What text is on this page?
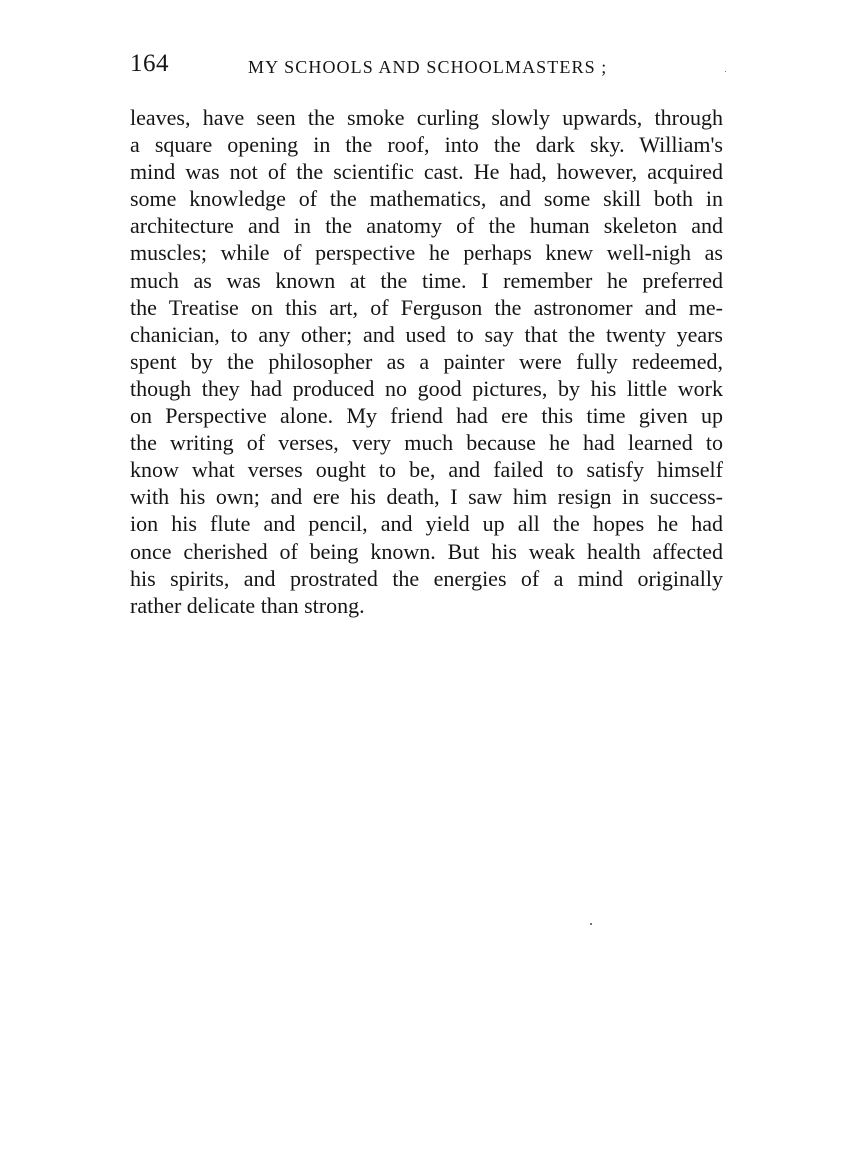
164	MY SCHOOLS AND SCHOOLMASTERS ;
leaves, have seen the smoke curling slowly upwards, through
a square opening in the roof, into the dark sky. William's
mind was not of the scientific cast. He had, however, acquired
some knowledge of the mathematics, and some skill both in
architecture and in the anatomy of the human skeleton and
muscles; while of perspective he perhaps knew well-nigh as
much as was known at the time. I remember he preferred
the Treatise on this art, of Ferguson the astronomer and me-
chanician, to any other; and used to say that the twenty years
spent by the philosopher as a painter were fully redeemed,
though they had produced no good pictures, by his little work
on Perspective alone. My friend had ere this time given up
the writing of verses, very much because he had learned to
know what verses ought to be, and failed to satisfy himself
with his own; and ere his death, I saw him resign in success-
ion his flute and pencil, and yield up all the hopes he had
once cherished of being known. But his weak health affected
his spirits, and prostrated the energies of a mind originally
rather delicate than strong.
